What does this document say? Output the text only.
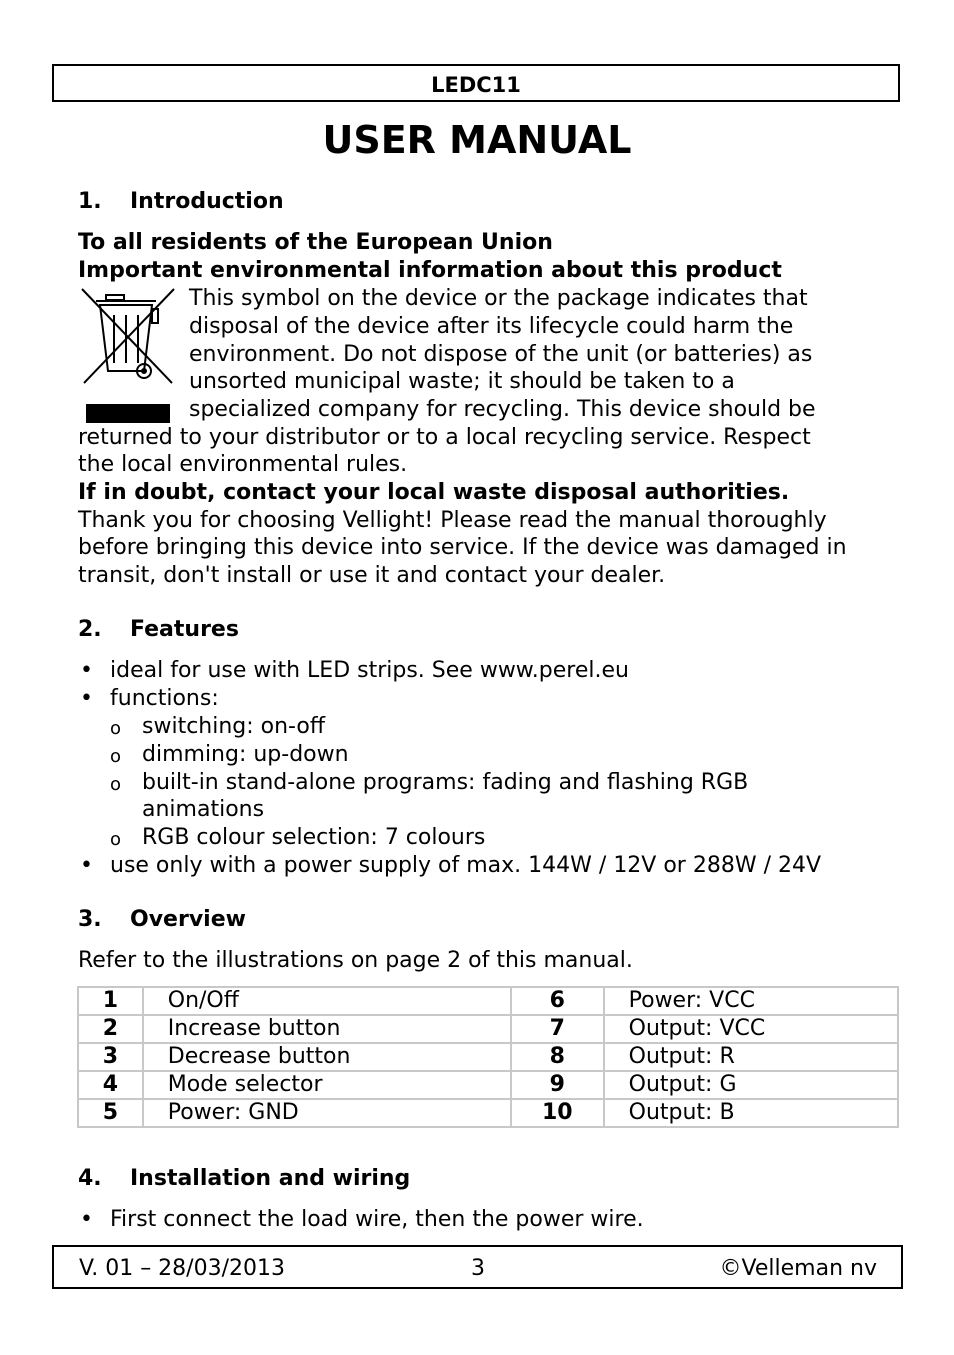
LEDC11
USER MANUAL
1. Introduction
To all residents of the European Union
Important environmental information about this product
This symbol on the device or the package indicates that
disposal of the device after its lifecycle could harm the
environment. Do not dispose of the unit (or batteries) as
unsorted municipal waste; it should be taken to a
specialized company for recycling. This device should be
returned to your distributor or to a local recycling service. Respect
the local environmental rules.
If in doubt, contact your local waste disposal authorities.
Thank you for choosing Vellight! Please read the manual thoroughly
before bringing this device into service. If the device was damaged in
transit, don't install or use it and contact your dealer.
2. Features
• ideal for use with LED strips. See www.perel.eu
• functions:
o switching: on-off
o dimming: up-down
o built-in stand-alone programs: fading and flashing RGB
animations
o RGB colour selection: 7 colours
• use only with a power supply of max. 144W / 12V or 288W / 24V
3. Overview
Refer to the illustrations on page 2 of this manual.
1	On/Off	6	Power: VCC
2	Increase button	7	Output: VCC
3	Decrease button	8	Output: R
4	Mode selector	9	Output: G
5	Power: GND	10	Output: B
4. Installation and wiring
• First connect the load wire, then the power wire.
V. 01 – 28/03/2013	3	©Velleman nv
